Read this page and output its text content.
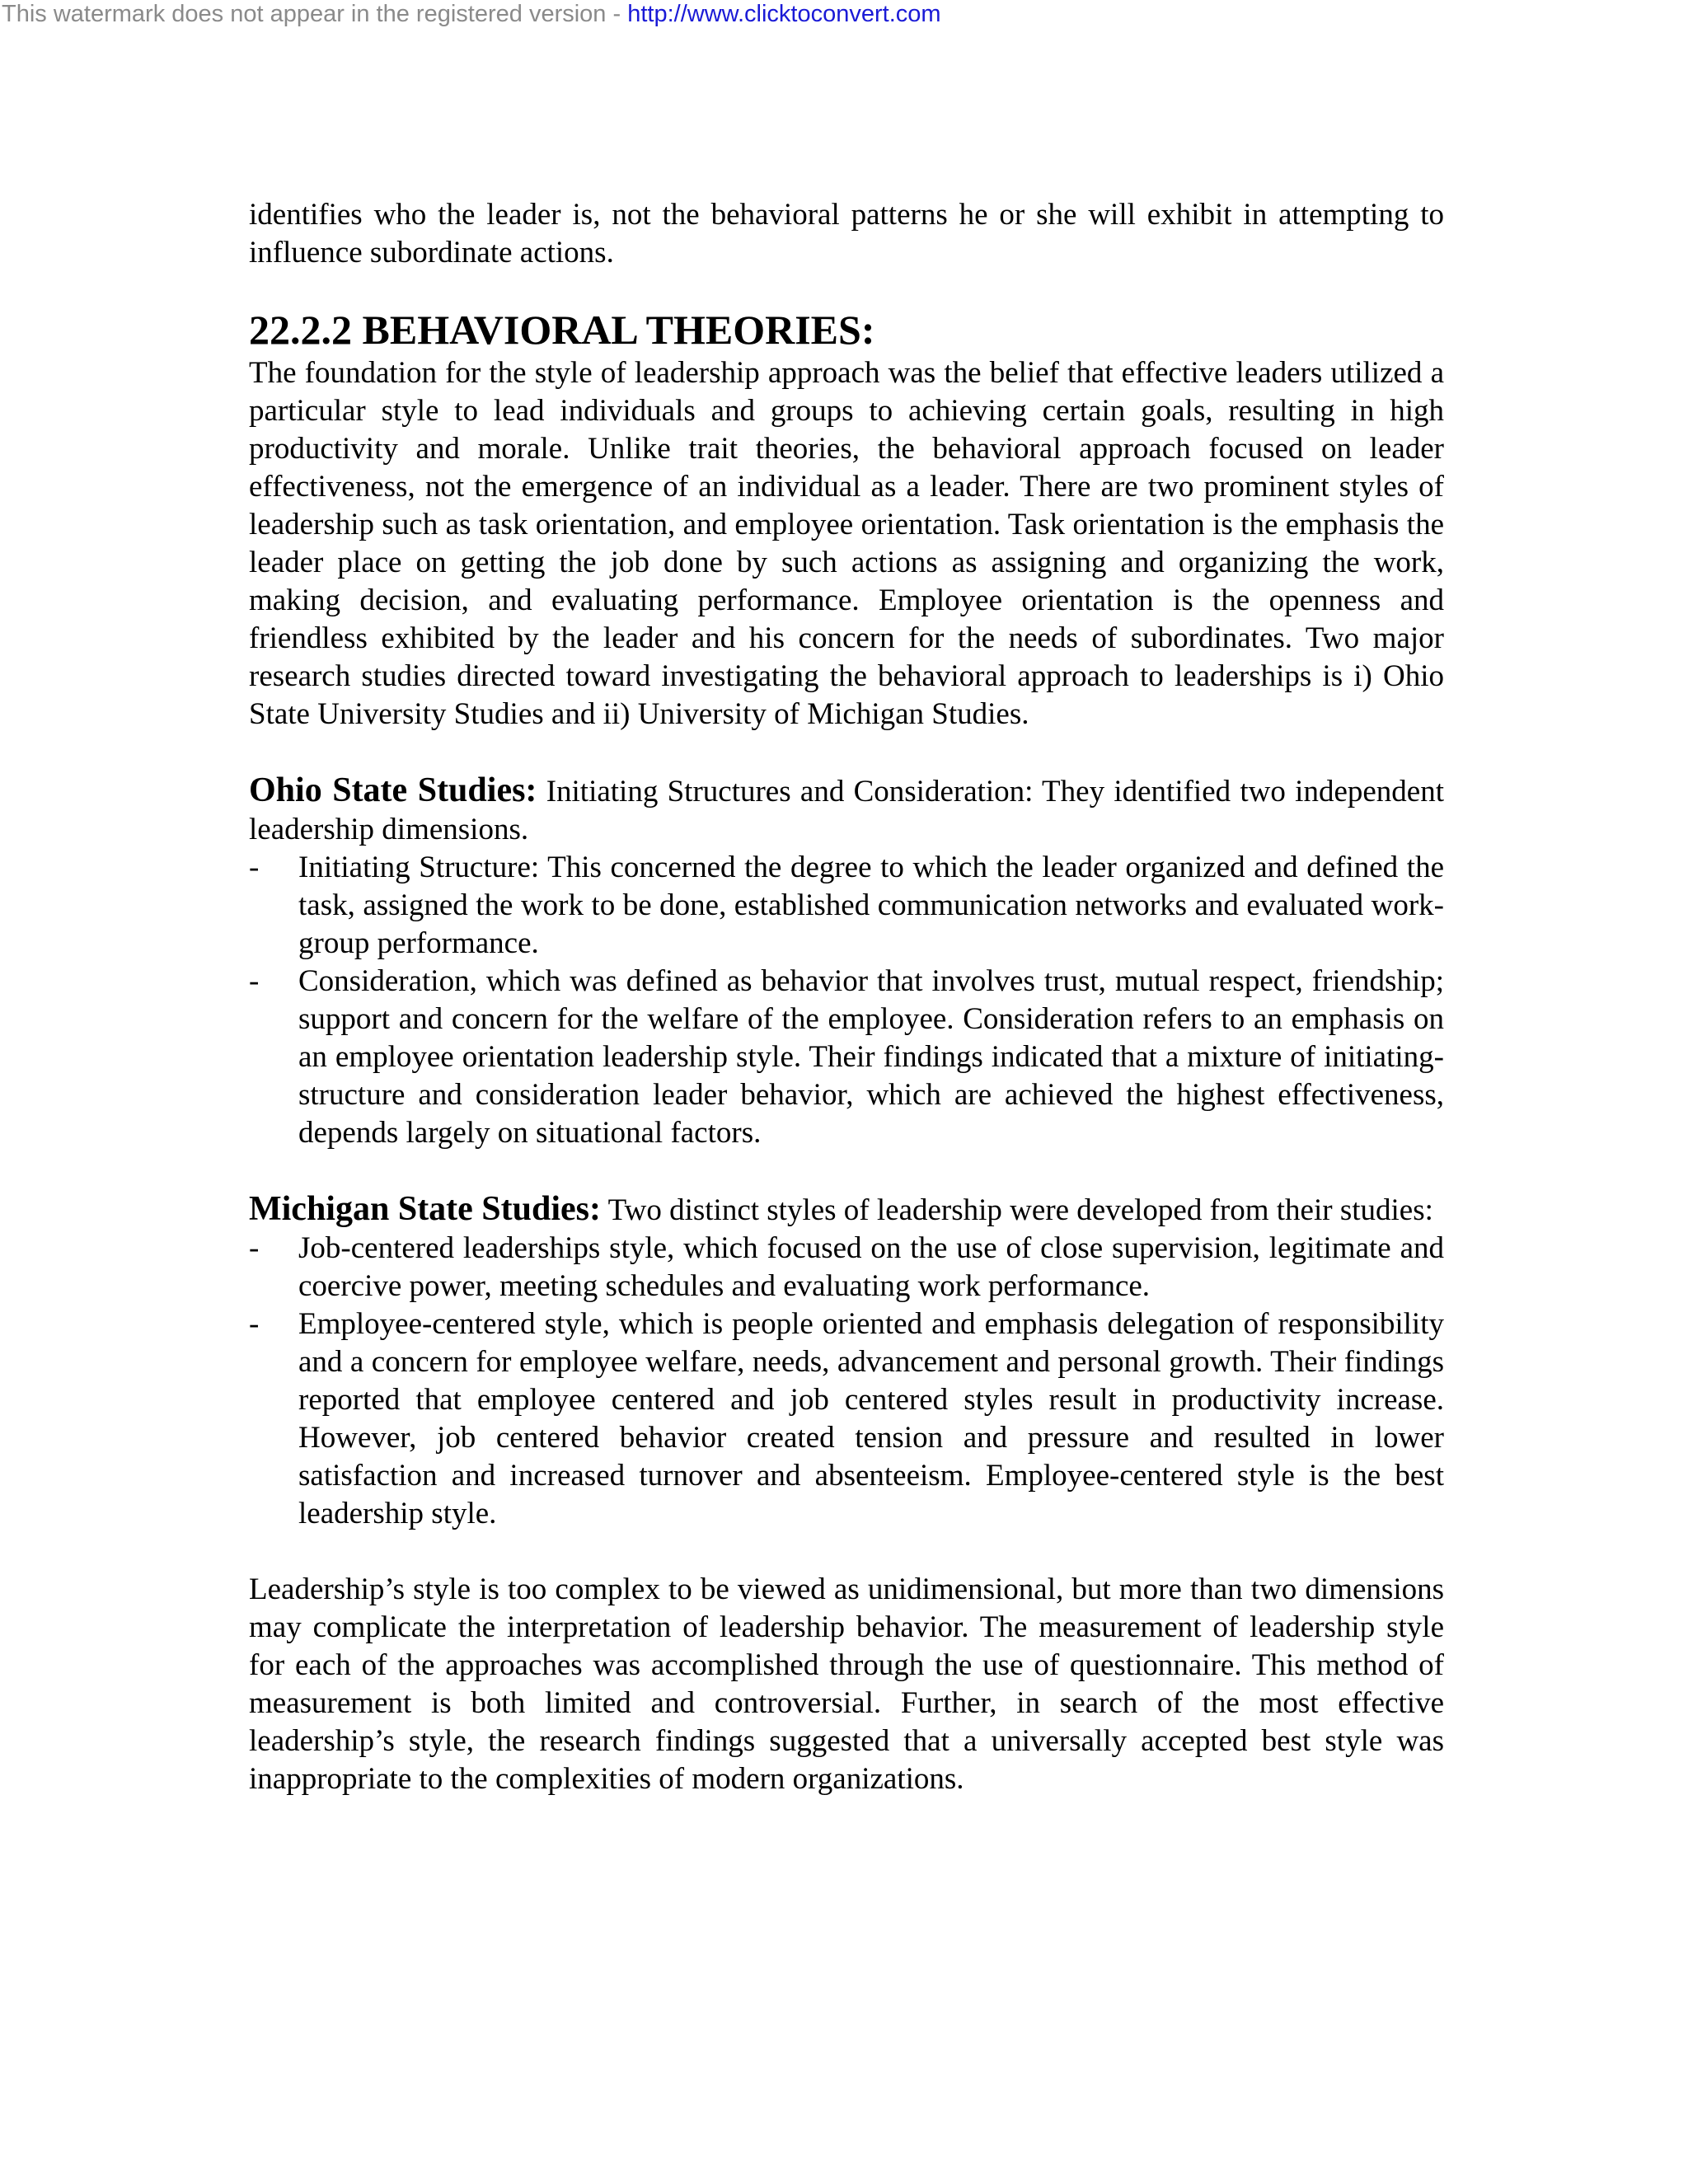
This watermark does not appear in the registered version - http://www.clicktoconvert.com

identifies who the leader is, not the behavioral patterns he or she will exhibit in attempting to influence subordinate actions.

22.2.2 BEHAVIORAL THEORIES:

The foundation for the style of leadership approach was the belief that effective leaders utilized a particular style to lead individuals and groups to achieving certain goals, resulting in high productivity and morale. Unlike trait theories, the behavioral approach focused on leader effectiveness, not the emergence of an individual as a leader. There are two prominent styles of leadership such as task orientation, and employee orientation. Task orientation is the emphasis the leader place on getting the job done by such actions as assigning and organizing the work, making decision, and evaluating performance. Employee orientation is the openness and friendless exhibited by the leader and his concern for the needs of subordinates. Two major research studies directed toward investigating the behavioral approach to leaderships is i) Ohio State University Studies and ii) University of Michigan Studies.

Ohio State Studies: Initiating Structures and Consideration: They identified two independent leadership dimensions.

- Initiating Structure: This concerned the degree to which the leader organized and defined the task, assigned the work to be done, established communication networks and evaluated work- group performance.
- Consideration, which was defined as behavior that involves trust, mutual respect, friendship; support and concern for the welfare of the employee. Consideration refers to an emphasis on an employee orientation leadership style. Their findings indicated that a mixture of initiating-structure and consideration leader behavior, which are achieved the highest effectiveness, depends largely on situational factors.

Michigan State Studies: Two distinct styles of leadership were developed from their studies:

- Job-centered leaderships style, which focused on the use of close supervision, legitimate and coercive power, meeting schedules and evaluating work performance.
- Employee-centered style, which is people oriented and emphasis delegation of responsibility and a concern for employee welfare, needs, advancement and personal growth. Their findings reported that employee centered and job centered styles result in productivity increase. However, job centered behavior created tension and pressure and resulted in lower satisfaction and increased turnover and absenteeism. Employee-centered style is the best leadership style.

Leadership’s style is too complex to be viewed as unidimensional, but more than two dimensions may complicate the interpretation of leadership behavior. The measurement of leadership style for each of the approaches was accomplished through the use of questionnaire. This method of measurement is both limited and controversial. Further, in search of the most effective leadership’s style, the research findings suggested that a universally accepted best style was inappropriate to the complexities of modern organizations.
